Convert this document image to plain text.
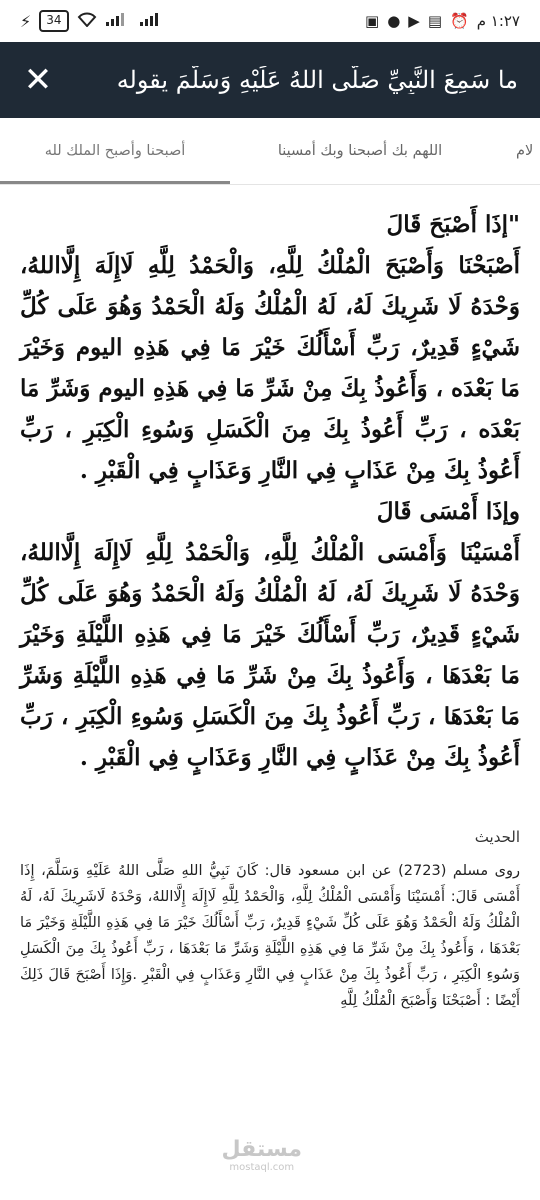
⚡	34	▣ ● ▶ ▤ ⏰ ١:٢٧ م
ما سَمِعَ النَّبِيِّ صَلَّى اللهُ عَلَيْهِ وَسَلَّمَ يقوله
✕
أصبحنا وأصبح الملك لله	اللهم بك أصبحنا وبك أمسينا	لام

"إذَا أَصْبَحَ قَالَ

أَصْبَحْنَا وَأَصْبَحَ الْمُلْكُ لِلَّهِ، وَالْحَمْدُ لِلَّهِ لَاإِلَهَ إِلَّااللهُ، وَحْدَهُ لَا شَرِيكَ لَهُ، لَهُ الْمُلْكُ وَلَهُ الْحَمْدُ وَهُوَ عَلَى كُلِّ شَيْءٍ قَدِيرٌ، رَبِّ أَسْأَلُكَ خَيْرَ مَا فِي هَذِهِ اليوم وَخَيْرَ مَا بَعْدَه ، وَأَعُوذُ بِكَ مِنْ شَرِّ مَا فِي هَذِهِ اليوم وَشَرِّ مَا بَعْدَه ، رَبِّ أَعُوذُ بِكَ مِنَ الْكَسَلِ وَسُوءِ الْكِبَرِ ، رَبِّ أَعُوذُ بِكَ مِنْ عَذَابٍ فِي النَّارِ وَعَذَابٍ فِي الْقَبْرِ .

وإذَا أَمْسَى قَالَ

أَمْسَيْنَا وَأَمْسَى الْمُلْكُ لِلَّهِ، وَالْحَمْدُ لِلَّهِ لَاإِلَهَ إِلَّااللهُ، وَحْدَهُ لَا شَرِيكَ لَهُ، لَهُ الْمُلْكُ وَلَهُ الْحَمْدُ وَهُوَ عَلَى كُلِّ شَيْءٍ قَدِيرٌ، رَبِّ أَسْأَلُكَ خَيْرَ مَا فِي هَذِهِ اللَّيْلَةِ وَخَيْرَ مَا بَعْدَهَا ، وَأَعُوذُ بِكَ مِنْ شَرِّ مَا فِي هَذِهِ اللَّيْلَةِ وَشَرِّ مَا بَعْدَهَا ، رَبِّ أَعُوذُ بِكَ مِنَ الْكَسَلِ وَسُوءِ الْكِبَرِ ، رَبِّ أَعُوذُ بِكَ مِنْ عَذَابٍ فِي النَّارِ وَعَذَابٍ فِي الْقَبْرِ .

الحديث

روى مسلم (2723) عن ابن مسعود قال: كَانَ نَبِيُّ اللهِ صَلَّى اللهُ عَلَيْهِ وَسَلَّمَ، إِذَا أَمْسَى قَالَ: أَمْسَيْنَا وَأَمْسَى الْمُلْكُ لِلَّهِ، وَالْحَمْدُ لِلَّهِ لَاإِلَهَ إِلَّااللهُ، وَحْدَهُ لَاشَرِيكَ لَهُ، لَهُ الْمُلْكُ وَلَهُ الْحَمْدُ وَهُوَ عَلَى كُلِّ شَيْءٍ قَدِيرٌ، رَبِّ أَسْأَلُكَ خَيْرَ مَا فِي هَذِهِ اللَّيْلَةِ وَخَيْرَ مَا بَعْدَهَا ، وَأَعُوذُ بِكَ مِنْ شَرِّ مَا فِي هَذِهِ اللَّيْلَةِ وَشَرِّ مَا بَعْدَهَا ، رَبِّ أَعُوذُ بِكَ مِنَ الْكَسَلِ وَسُوءِ الْكِبَرِ ، رَبِّ أَعُوذُ بِكَ مِنْ عَذَابٍ فِي النَّارِ وَعَذَابٍ فِي الْقَبْرِ .وَإِذَا أَصْبَحَ قَالَ ذَلِكَ أَيْضًا : أَصْبَحْنَا وَأَصْبَحَ الْمُلْكُ لِلَّهِ

مستقل
mostaql.com
